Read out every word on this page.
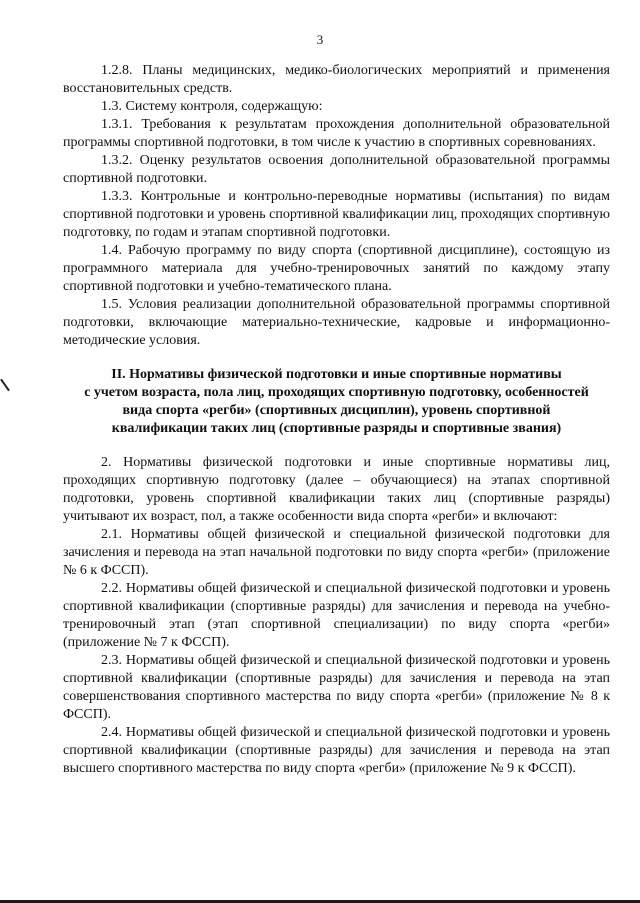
3

1.2.8. Планы медицинских, медико-биологических мероприятий и применения восстановительных средств.

1.3. Систему контроля, содержащую:

1.3.1. Требования к результатам прохождения дополнительной образовательной программы спортивной подготовки, в том числе к участию в спортивных соревнованиях.

1.3.2. Оценку результатов освоения дополнительной образовательной программы спортивной подготовки.

1.3.3. Контрольные и контрольно-переводные нормативы (испытания) по видам спортивной подготовки и уровень спортивной квалификации лиц, проходящих спортивную подготовку, по годам и этапам спортивной подготовки.

1.4. Рабочую программу по виду спорта (спортивной дисциплине), состоящую из программного материала для учебно-тренировочных занятий по каждому этапу спортивной подготовки и учебно-тематического плана.

1.5. Условия реализации дополнительной образовательной программы спортивной подготовки, включающие материально-технические, кадровые и информационно-методические условия.

II. Нормативы физической подготовки и иные спортивные нормативы
с учетом возраста, пола лиц, проходящих спортивную подготовку, особенностей
вида спорта «регби» (спортивных дисциплин), уровень спортивной
квалификации таких лиц (спортивные разряды и спортивные звания)

2. Нормативы физической подготовки и иные спортивные нормативы лиц, проходящих спортивную подготовку (далее – обучающиеся) на этапах спортивной подготовки, уровень спортивной квалификации таких лиц (спортивные разряды) учитывают их возраст, пол, а также особенности вида спорта «регби» и включают:

2.1. Нормативы общей физической и специальной физической подготовки для зачисления и перевода на этап начальной подготовки по виду спорта «регби» (приложение № 6 к ФССП).

2.2. Нормативы общей физической и специальной физической подготовки и уровень спортивной квалификации (спортивные разряды) для зачисления и перевода на учебно-тренировочный этап (этап спортивной специализации) по виду спорта «регби» (приложение № 7 к ФССП).

2.3. Нормативы общей физической и специальной физической подготовки и уровень спортивной квалификации (спортивные разряды) для зачисления и перевода на этап совершенствования спортивного мастерства по виду спорта «регби» (приложение № 8 к ФССП).

2.4. Нормативы общей физической и специальной физической подготовки и уровень спортивной квалификации (спортивные разряды) для зачисления и перевода на этап высшего спортивного мастерства по виду спорта «регби» (приложение № 9 к ФССП).
